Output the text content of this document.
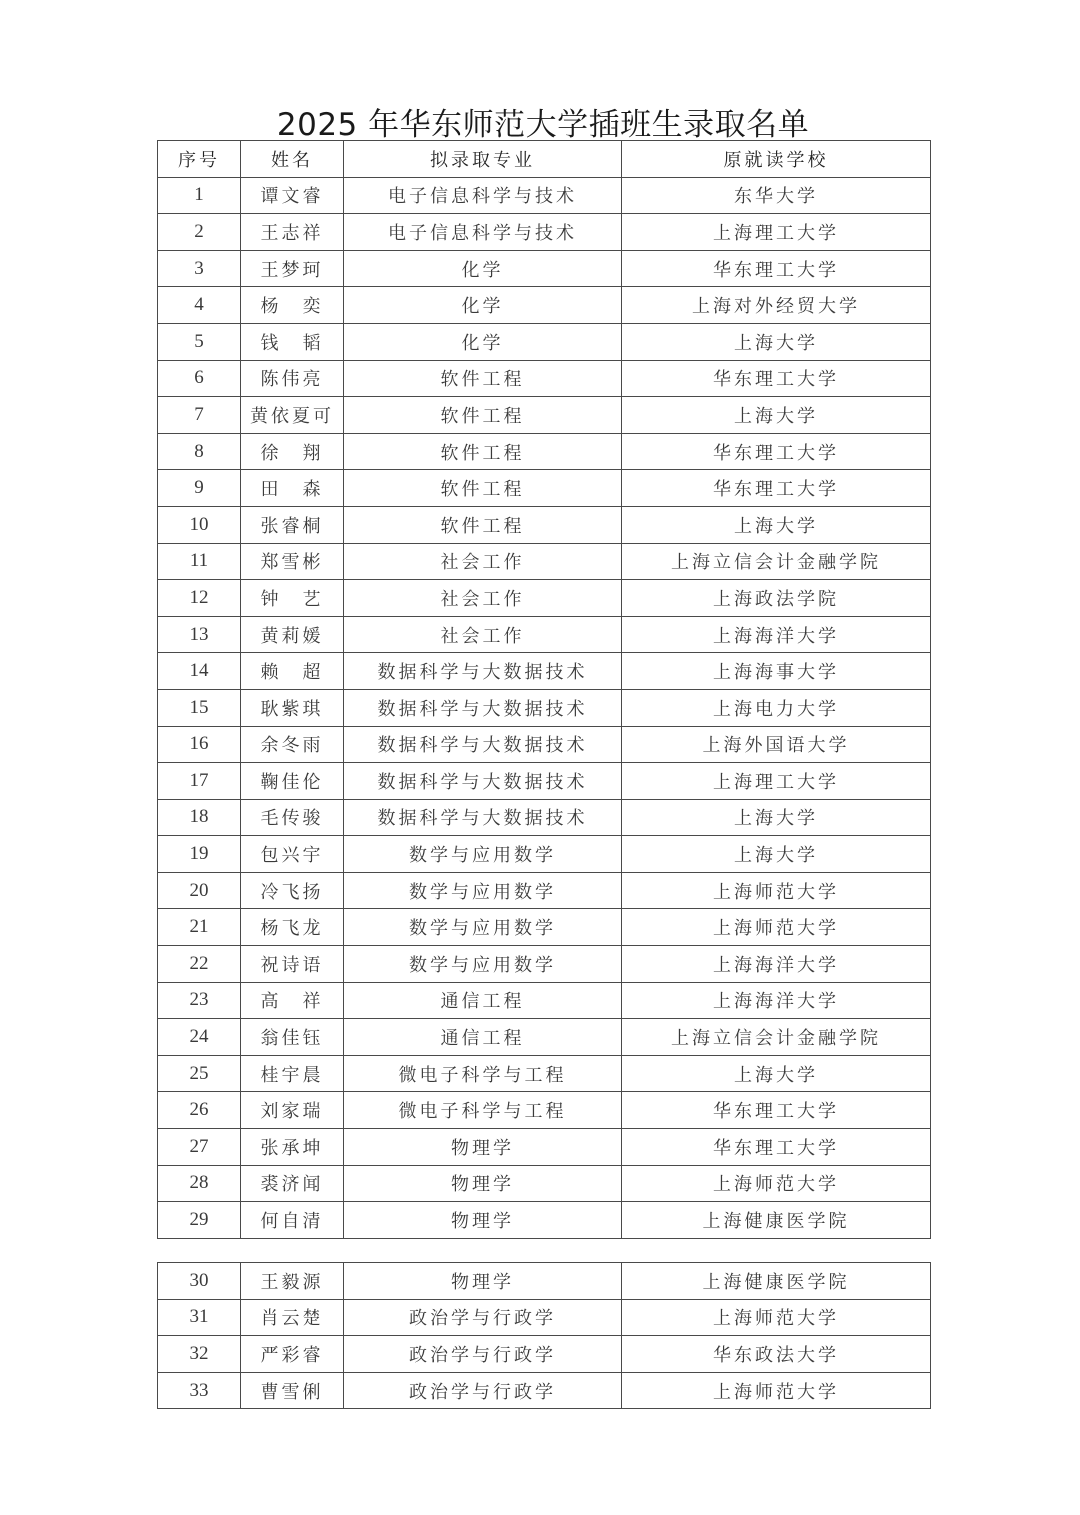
2025 年华东师范大学插班生录取名单
序号	姓名	拟录取专业	原就读学校
1	谭文睿	电子信息科学与技术	东华大学
2	王志祥	电子信息科学与技术	上海理工大学
3	王梦珂	化学	华东理工大学
4	杨　奕	化学	上海对外经贸大学
5	钱　韬	化学	上海大学
6	陈伟亮	软件工程	华东理工大学
7	黄依夏可	软件工程	上海大学
8	徐　翔	软件工程	华东理工大学
9	田　森	软件工程	华东理工大学
10	张睿桐	软件工程	上海大学
11	郑雪彬	社会工作	上海立信会计金融学院
12	钟　艺	社会工作	上海政法学院
13	黄莉媛	社会工作	上海海洋大学
14	赖　超	数据科学与大数据技术	上海海事大学
15	耿紫琪	数据科学与大数据技术	上海电力大学
16	余冬雨	数据科学与大数据技术	上海外国语大学
17	鞠佳伦	数据科学与大数据技术	上海理工大学
18	毛传骏	数据科学与大数据技术	上海大学
19	包兴宇	数学与应用数学	上海大学
20	冷飞扬	数学与应用数学	上海师范大学
21	杨飞龙	数学与应用数学	上海师范大学
22	祝诗语	数学与应用数学	上海海洋大学
23	高　祥	通信工程	上海海洋大学
24	翁佳钰	通信工程	上海立信会计金融学院
25	桂宇晨	微电子科学与工程	上海大学
26	刘家瑞	微电子科学与工程	华东理工大学
27	张承坤	物理学	华东理工大学
28	裘济闻	物理学	上海师范大学
29	何自清	物理学	上海健康医学院
30	王毅源	物理学	上海健康医学院
31	肖云楚	政治学与行政学	上海师范大学
32	严彩睿	政治学与行政学	华东政法大学
33	曹雪俐	政治学与行政学	上海师范大学
